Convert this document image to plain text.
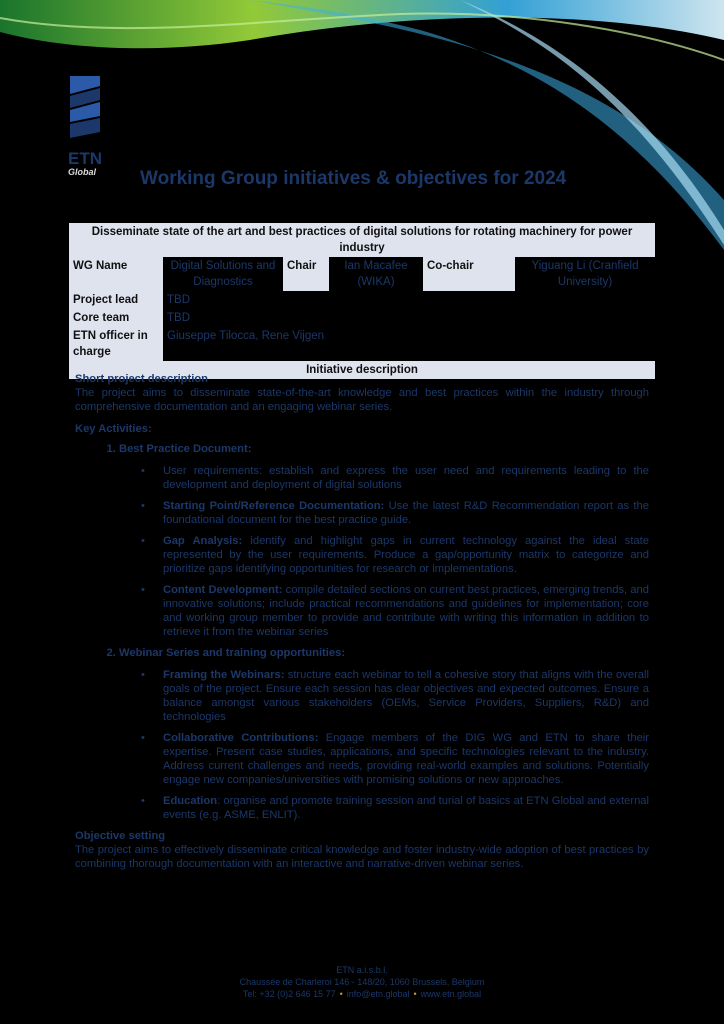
ETN
Global	Working Group initiatives & objectives for 2024
Disseminate state of the art and best practices of digital solutions for rotating machinery for power industry					
WG Name	Digital Solutions and Diagnostics	Chair	Ian Macafee (WIKA)	Co-chair	Yiguang Li (Cranfield University)
Project lead	TBD				
Core team	TBD				
ETN officer in charge	Giuseppe Tilocca, Rene Vijgen				
Initiative description					

Short project description

The project aims to disseminate state-of-the-art knowledge and best practices within the industry through comprehensive documentation and an engaging webinar series.

Key Activities:

1. Best Practice Document:
• User requirements: establish and express the user need and requirements leading to the development and deployment of digital solutions
• Starting Point/Reference Documentation: Use the latest R&D Recommendation report as the foundational document for the best practice guide.
• Gap Analysis: identify and highlight gaps in current technology against the ideal state represented by the user requirements. Produce a gap/opportunity matrix to categorize and prioritize gaps identifying opportunities for research or implementations.
• Content Development: compile detailed sections on current best practices, emerging trends, and innovative solutions; include practical recommendations and guidelines for implementation; core and working group member to provide and contribute with writing this information in addition to retrieve it from the webinar series
2. Webinar Series and training opportunities:
• Framing the Webinars: structure each webinar to tell a cohesive story that aligns with the overall goals of the project. Ensure each session has clear objectives and expected outcomes. Ensure a balance amongst various stakeholders (OEMs, Service Providers, Suppliers, R&D) and technologies
• Collaborative Contributions: Engage members of the DIG WG and ETN to share their expertise. Present case studies, applications, and specific technologies relevant to the industry. Address current challenges and needs, providing real-world examples and solutions. Potentially engage new companies/universities with promising solutions or new approaches.
• Education: organise and promote training session and turial of basics at ETN Global and external events (e.g. ASME, ENLIT).

Objective setting

The project aims to effectively disseminate critical knowledge and foster industry-wide adoption of best practices by combining thorough documentation with an interactive and narrative-driven webinar series.

ETN a.i.s.b.l.
Chaussée de Charleroi 146 - 148/20, 1060 Brussels, Belgium
Tel: +32 (0)2 646 15 77 • info@etn.global • www.etn.global
